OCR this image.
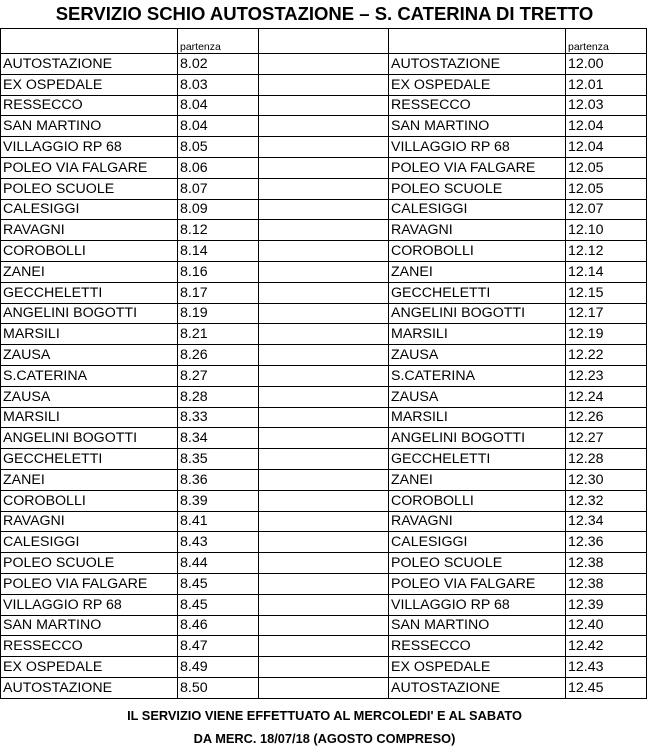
SERVIZIO SCHIO AUTOSTAZIONE – S. CATERINA DI TRETTO
	partenza			partenza
AUTOSTAZIONE	8.02		AUTOSTAZIONE	12.00
EX OSPEDALE	8.03		EX OSPEDALE	12.01
RESSECCO	8.04		RESSECCO	12.03
SAN MARTINO	8.04		SAN MARTINO	12.04
VILLAGGIO RP 68	8.05		VILLAGGIO RP 68	12.04
POLEO VIA FALGARE	8.06		POLEO VIA FALGARE	12.05
POLEO SCUOLE	8.07		POLEO SCUOLE	12.05
CALESIGGI	8.09		CALESIGGI	12.07
RAVAGNI	8.12		RAVAGNI	12.10
COROBOLLI	8.14		COROBOLLI	12.12
ZANEI	8.16		ZANEI	12.14
GECCHELETTI	8.17		GECCHELETTI	12.15
ANGELINI BOGOTTI	8.19		ANGELINI BOGOTTI	12.17
MARSILI	8.21		MARSILI	12.19
ZAUSA	8.26		ZAUSA	12.22
S.CATERINA	8.27		S.CATERINA	12.23
ZAUSA	8.28		ZAUSA	12.24
MARSILI	8.33		MARSILI	12.26
ANGELINI BOGOTTI	8.34		ANGELINI BOGOTTI	12.27
GECCHELETTI	8.35		GECCHELETTI	12.28
ZANEI	8.36		ZANEI	12.30
COROBOLLI	8.39		COROBOLLI	12.32
RAVAGNI	8.41		RAVAGNI	12.34
CALESIGGI	8.43		CALESIGGI	12.36
POLEO SCUOLE	8.44		POLEO SCUOLE	12.38
POLEO VIA FALGARE	8.45		POLEO VIA FALGARE	12.38
VILLAGGIO RP 68	8.45		VILLAGGIO RP 68	12.39
SAN MARTINO	8.46		SAN MARTINO	12.40
RESSECCO	8.47		RESSECCO	12.42
EX OSPEDALE	8.49		EX OSPEDALE	12.43
AUTOSTAZIONE	8.50		AUTOSTAZIONE	12.45
IL SERVIZIO VIENE EFFETTUATO AL MERCOLEDI' E AL SABATO
DA MERC. 18/07/18 (AGOSTO COMPRESO)
